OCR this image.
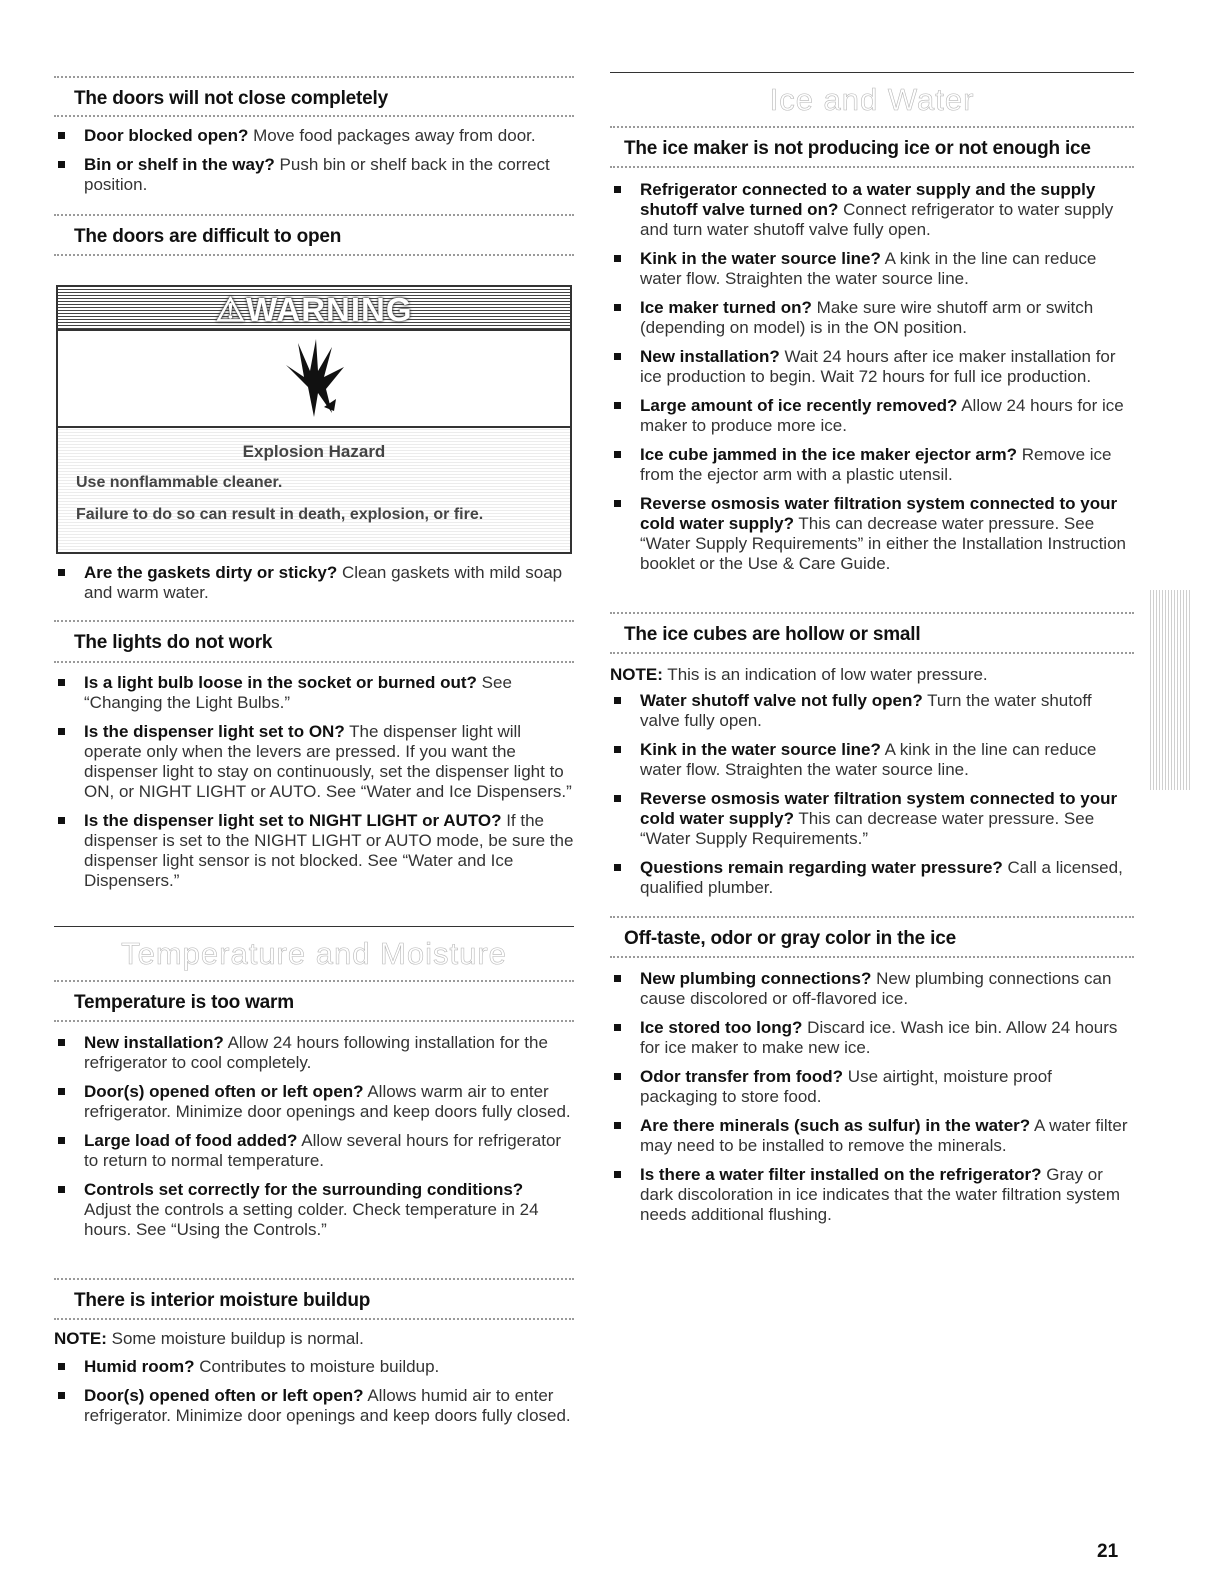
The doors will not close completely
Door blocked open? Move food packages away from door.
Bin or shelf in the way? Push bin or shelf back in the correct position.
The doors are difficult to open
⚠WARNING
Explosion Hazard
Use nonflammable cleaner.
Failure to do so can result in death, explosion, or fire.
Are the gaskets dirty or sticky? Clean gaskets with mild soap and warm water.
The lights do not work
Is a light bulb loose in the socket or burned out? See “Changing the Light Bulbs.”
Is the dispenser light set to ON? The dispenser light will operate only when the levers are pressed. If you want the dispenser light to stay on continuously, set the dispenser light to ON, or NIGHT LIGHT or AUTO. See “Water and Ice Dispensers.”
Is the dispenser light set to NIGHT LIGHT or AUTO? If the dispenser is set to the NIGHT LIGHT or AUTO mode, be sure the dispenser light sensor is not blocked. See “Water and Ice Dispensers.”
Temperature and Moisture
Temperature is too warm
New installation? Allow 24 hours following installation for the refrigerator to cool completely.
Door(s) opened often or left open? Allows warm air to enter refrigerator. Minimize door openings and keep doors fully closed.
Large load of food added? Allow several hours for refrigerator to return to normal temperature.
Controls set correctly for the surrounding conditions? Adjust the controls a setting colder. Check temperature in 24 hours. See “Using the Controls.”
There is interior moisture buildup
NOTE: Some moisture buildup is normal.
Humid room? Contributes to moisture buildup.
Door(s) opened often or left open? Allows humid air to enter refrigerator. Minimize door openings and keep doors fully closed.
Ice and Water
The ice maker is not producing ice or not enough ice
Refrigerator connected to a water supply and the supply shutoff valve turned on? Connect refrigerator to water supply and turn water shutoff valve fully open.
Kink in the water source line? A kink in the line can reduce water flow. Straighten the water source line.
Ice maker turned on? Make sure wire shutoff arm or switch (depending on model) is in the ON position.
New installation? Wait 24 hours after ice maker installation for ice production to begin. Wait 72 hours for full ice production.
Large amount of ice recently removed? Allow 24 hours for ice maker to produce more ice.
Ice cube jammed in the ice maker ejector arm? Remove ice from the ejector arm with a plastic utensil.
Reverse osmosis water filtration system connected to your cold water supply? This can decrease water pressure. See “Water Supply Requirements” in either the Installation Instruction booklet or the Use & Care Guide.
The ice cubes are hollow or small
NOTE: This is an indication of low water pressure.
Water shutoff valve not fully open? Turn the water shutoff valve fully open.
Kink in the water source line? A kink in the line can reduce water flow. Straighten the water source line.
Reverse osmosis water filtration system connected to your cold water supply? This can decrease water pressure. See “Water Supply Requirements.”
Questions remain regarding water pressure? Call a licensed, qualified plumber.
Off-taste, odor or gray color in the ice
New plumbing connections? New plumbing connections can cause discolored or off-flavored ice.
Ice stored too long? Discard ice. Wash ice bin. Allow 24 hours for ice maker to make new ice.
Odor transfer from food? Use airtight, moisture proof packaging to store food.
Are there minerals (such as sulfur) in the water? A water filter may need to be installed to remove the minerals.
Is there a water filter installed on the refrigerator? Gray or dark discoloration in ice indicates that the water filtration system needs additional flushing.
21
